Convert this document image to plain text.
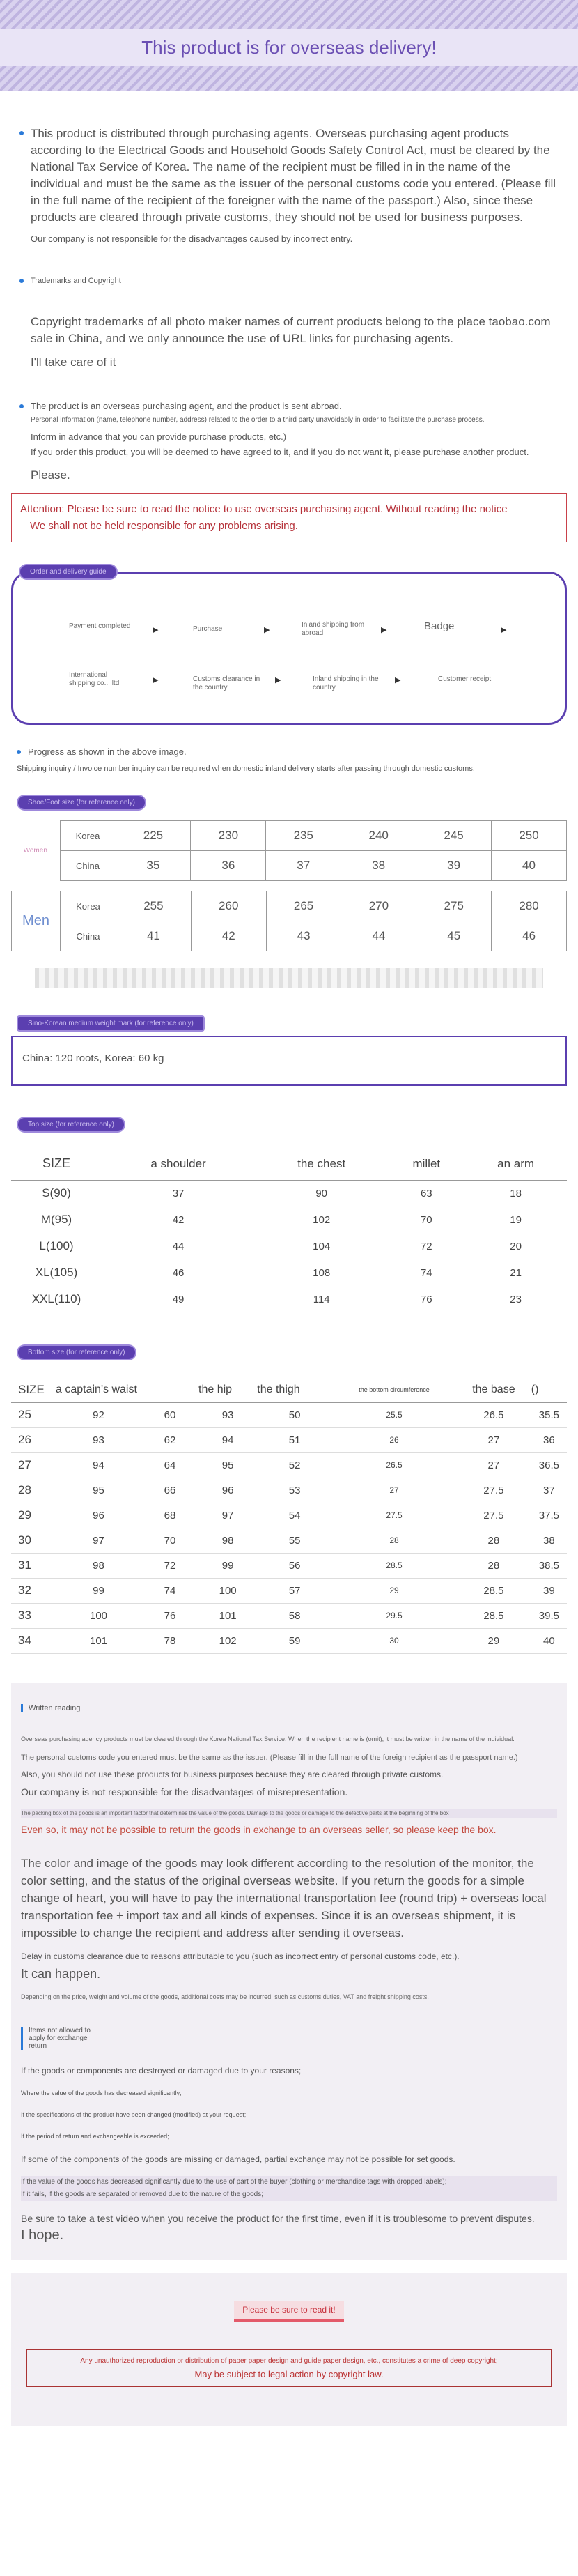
This product is for overseas delivery!

This product is distributed through purchasing agents. Overseas purchasing agent products according to the Electrical Goods and Household Goods Safety Control Act, must be cleared by the National Tax Service of Korea. The name of the recipient must be filled in in the name of the individual and must be the same as the issuer of the personal customs code you entered. (Please fill in the full name of the recipient of the foreigner with the name of the passport.) Also, since these products are cleared through private customs, they should not be used for business purposes.

Our company is not responsible for the disadvantages caused by incorrect entry.

Trademarks and Copyright

Copyright trademarks of all photo maker names of current products belong to the place taobao.com sale in China, and we only announce the use of URL links for purchasing agents.

I'll take care of it

The product is an overseas purchasing agent, and the product is sent abroad.

Personal information (name, telephone number, address) related to the order to a third party unavoidably in order to facilitate the purchase process.

Inform in advance that you can provide purchase products, etc.)

If you order this product, you will be deemed to have agreed to it, and if you do not want it, please purchase another product.

Please.

Attention: Please be sure to read the notice to use overseas purchasing agent. Without reading the notice
We shall not be held responsible for any problems arising.
Order and delivery guide
Payment completed	▶	Purchase	▶
Inland shipping from abroad	▶	Badge	▶
International shipping co... ltd	▶	Customs clearance in the country
▶	Inland shipping in the country
▶	Customer receipt

Progress as shown in the above image.

Shipping inquiry / Invoice number inquiry can be required when domestic inland delivery starts after passing through domestic customs.

Shoe/Foot size (for reference only)
Women	Korea	225	230	235	240	245	250
	China	35	36	37	38	39	40
Men	Korea	255	260	265	270	275	280
	China	41	42	43	44	45	46
Sino-Korean medium weight mark (for reference only)
China: 120 roots, Korea: 60 kg
Top size (for reference only)
SIZE	a shoulder	the chest	millet	an arm
S(90)	37	90	63	18
M(95)	42	102	70	19
L(100)	44	104	72	20
XL(105)	46	108	74	21
XXL(110)	49	114	76	23
Bottom size (for reference only)
SIZE	a captain's waist		the hip	the thigh	the bottom circumference	the base	()
25	92	60	93	50	25.5	26.5	35.5
26	93	62	94	51	26	27	36
27	94	64	95	52	26.5	27	36.5
28	95	66	96	53	27	27.5	37
29	96	68	97	54	27.5	27.5	37.5
30	97	70	98	55	28	28	38
31	98	72	99	56	28.5	28	38.5
32	99	74	100	57	29	28.5	39
33	100	76	101	58	29.5	28.5	39.5
34	101	78	102	59	30	29	40
Written reading
Overseas purchasing agency products must be cleared through the Korea National Tax Service. When the recipient name is (omit), it must be written in the name of the individual.
The personal customs code you entered must be the same as the issuer. (Please fill in the full name of the foreign recipient as the passport name.)
Also, you should not use these products for business purposes because they are cleared through private customs.
Our company is not responsible for the disadvantages of misrepresentation.
The packing box of the goods is an important factor that determines the value of the goods. Damage to the goods or damage to the defective parts at the beginning of the box
Even so, it may not be possible to return the goods in exchange to an overseas seller, so please keep the box.
The color and image of the goods may look different according to the resolution of the monitor, the color setting, and the status of the original overseas website. If you return the goods for a simple change of heart, you will have to pay the international transportation fee (round trip) + overseas local transportation fee + import tax and all kinds of expenses. Since it is an overseas shipment, it is impossible to change the recipient and address after sending it overseas.
Delay in customs clearance due to reasons attributable to you (such as incorrect entry of personal customs code, etc.).
It can happen.
Depending on the price, weight and volume of the goods, additional costs may be incurred, such as customs duties, VAT and freight shipping costs.
Items not allowed to apply for exchange return
If the goods or components are destroyed or damaged due to your reasons;
Where the value of the goods has decreased significantly;
If the specifications of the product have been changed (modified) at your request;
If the period of return and exchangeable is exceeded;
If some of the components of the goods are missing or damaged, partial exchange may not be possible for set goods.
If the value of the goods has decreased significantly due to the use of part of the buyer (clothing or merchandise tags with dropped labels);
If it fails, if the goods are separated or removed due to the nature of the goods;
Be sure to take a test video when you receive the product for the first time, even if it is troublesome to prevent disputes.
I hope.
Please be sure to read it!
Any unauthorized reproduction or distribution of paper paper design and guide paper design, etc., constitutes a crime of deep copyright;
May be subject to legal action by copyright law.
